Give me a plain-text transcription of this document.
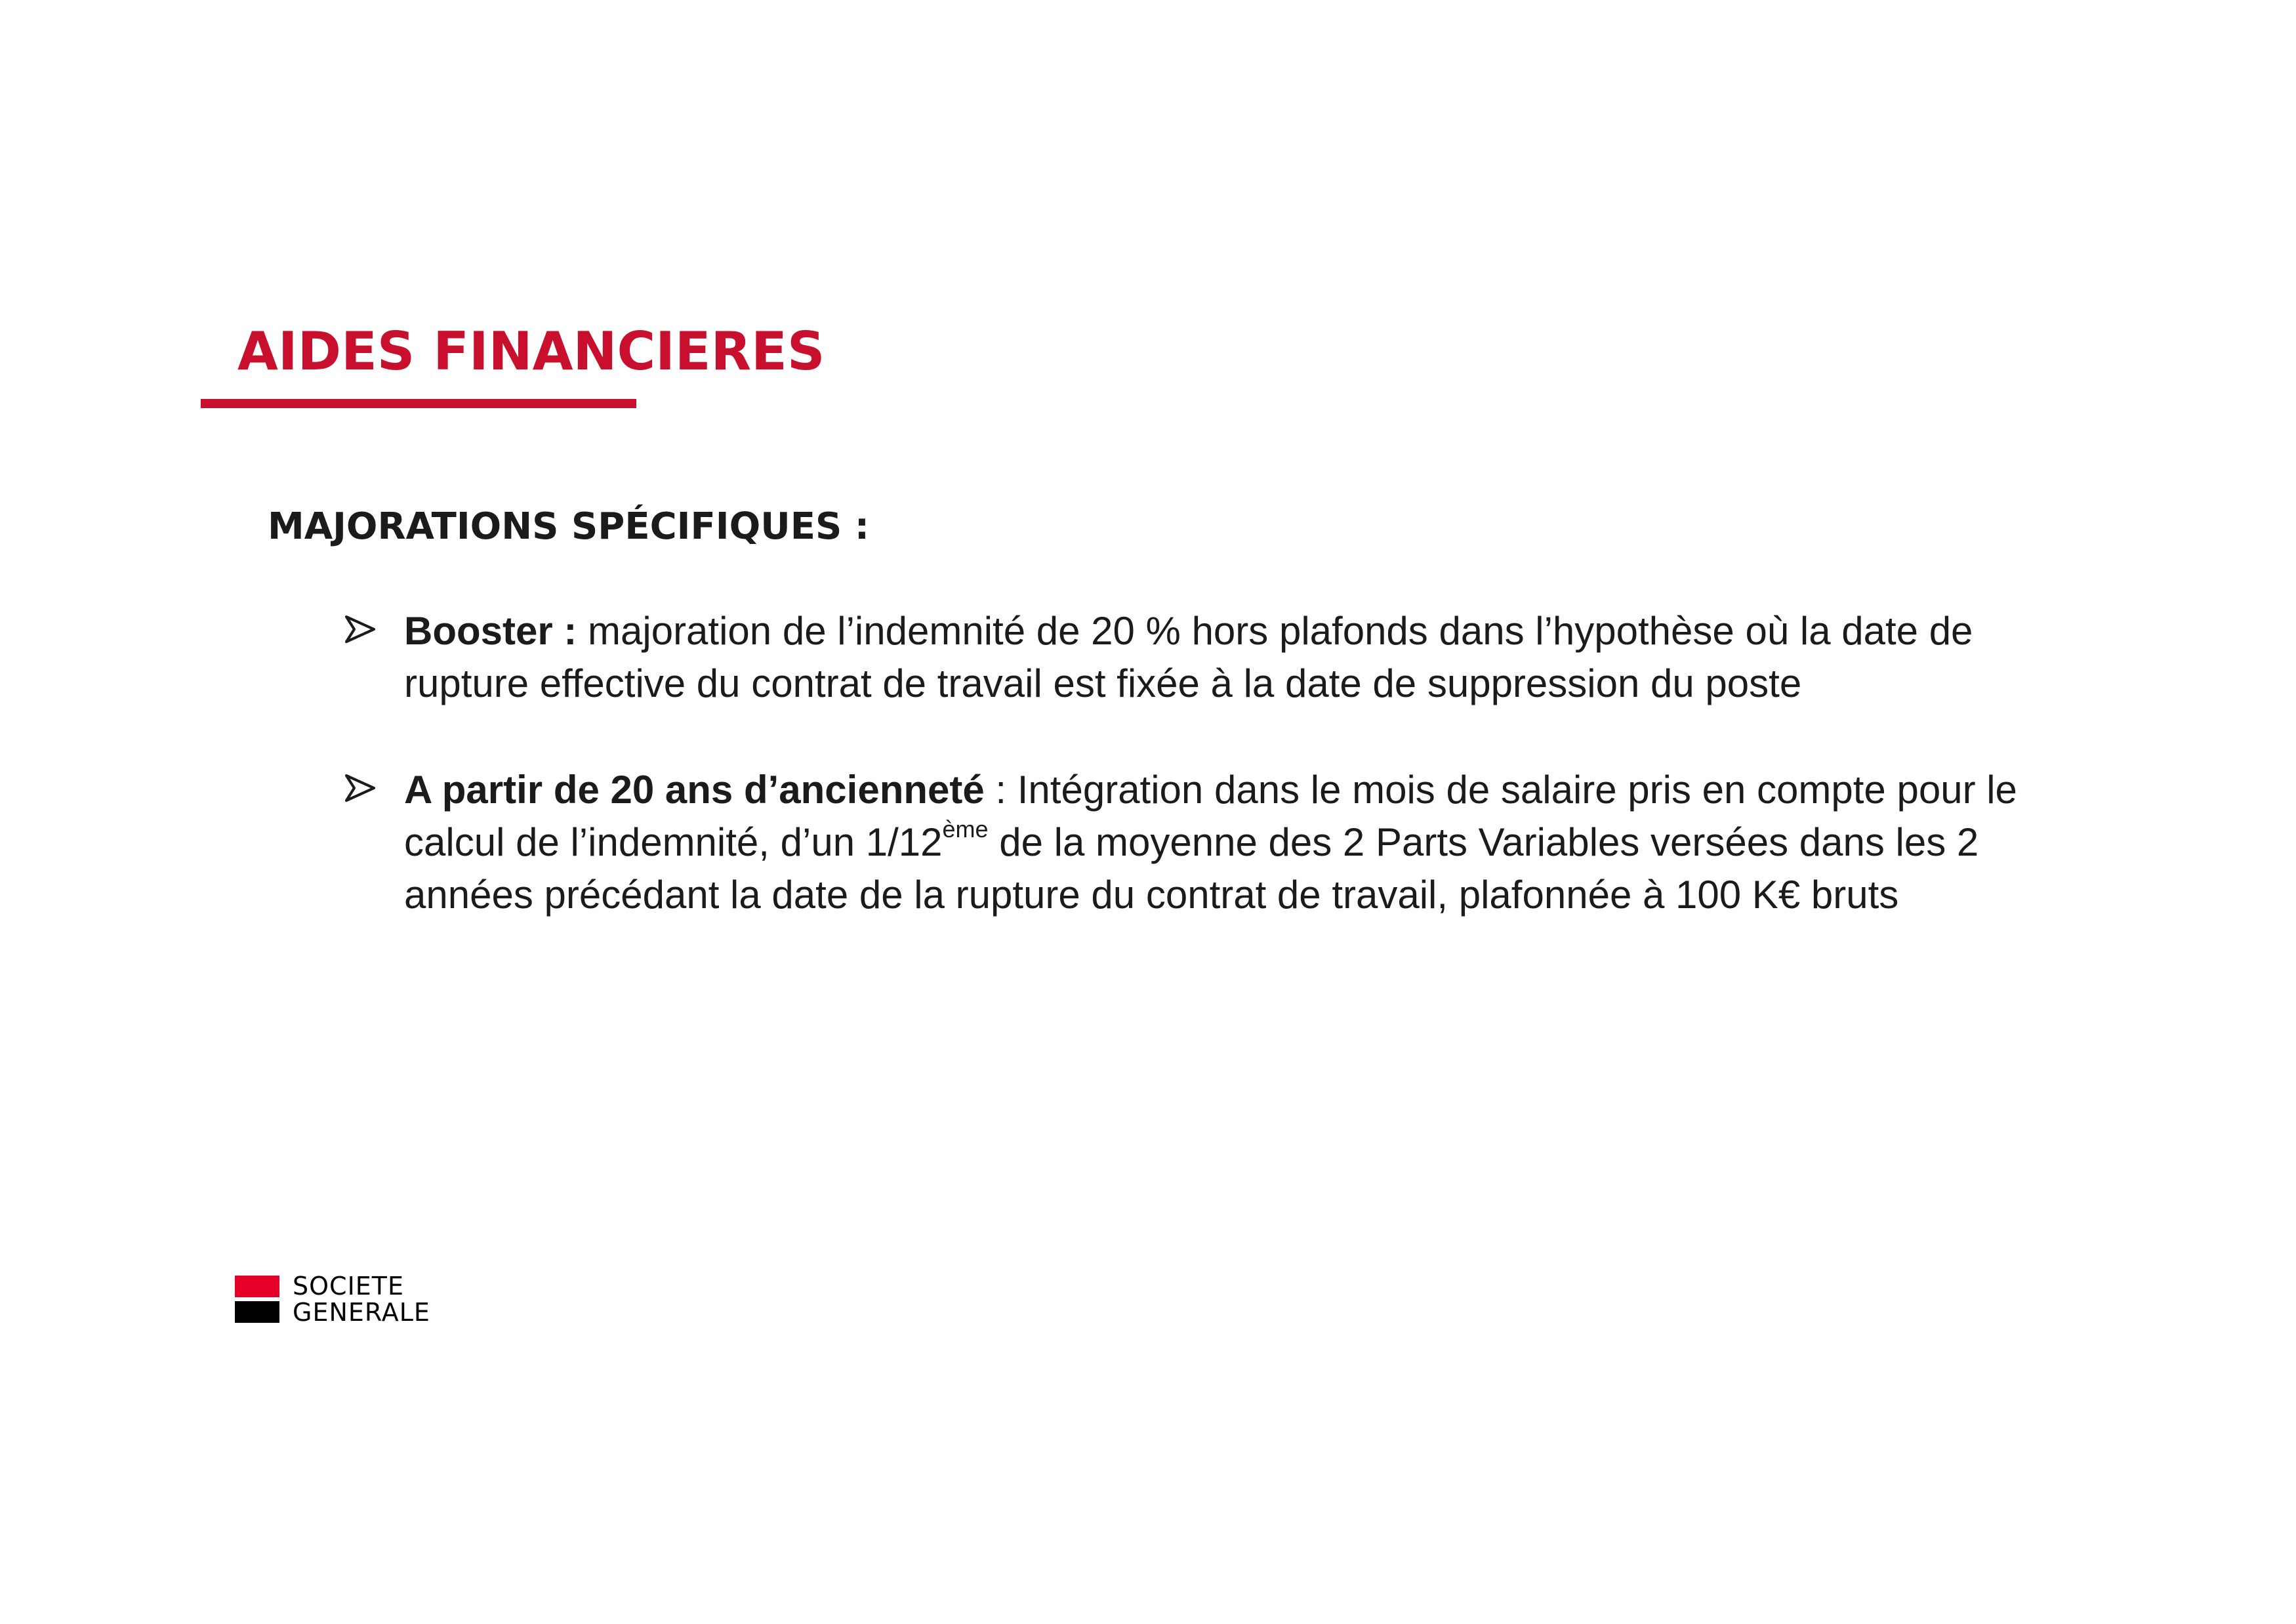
AIDES FINANCIERES
MAJORATIONS SPÉCIFIQUES :
Booster : majoration de l’indemnité de 20 % hors plafonds dans l’hypothèse où la date de rupture effective du contrat de travail est fixée à la date de suppression du poste
A partir de 20 ans d’ancienneté : Intégration dans le mois de salaire pris en compte pour le calcul de l’indemnité, d’un 1/12ème de la moyenne des 2 Parts Variables versées dans les 2 années précédant la date de la rupture du contrat de travail, plafonnée à 100 K€ bruts
SOCIETE
GENERALE
